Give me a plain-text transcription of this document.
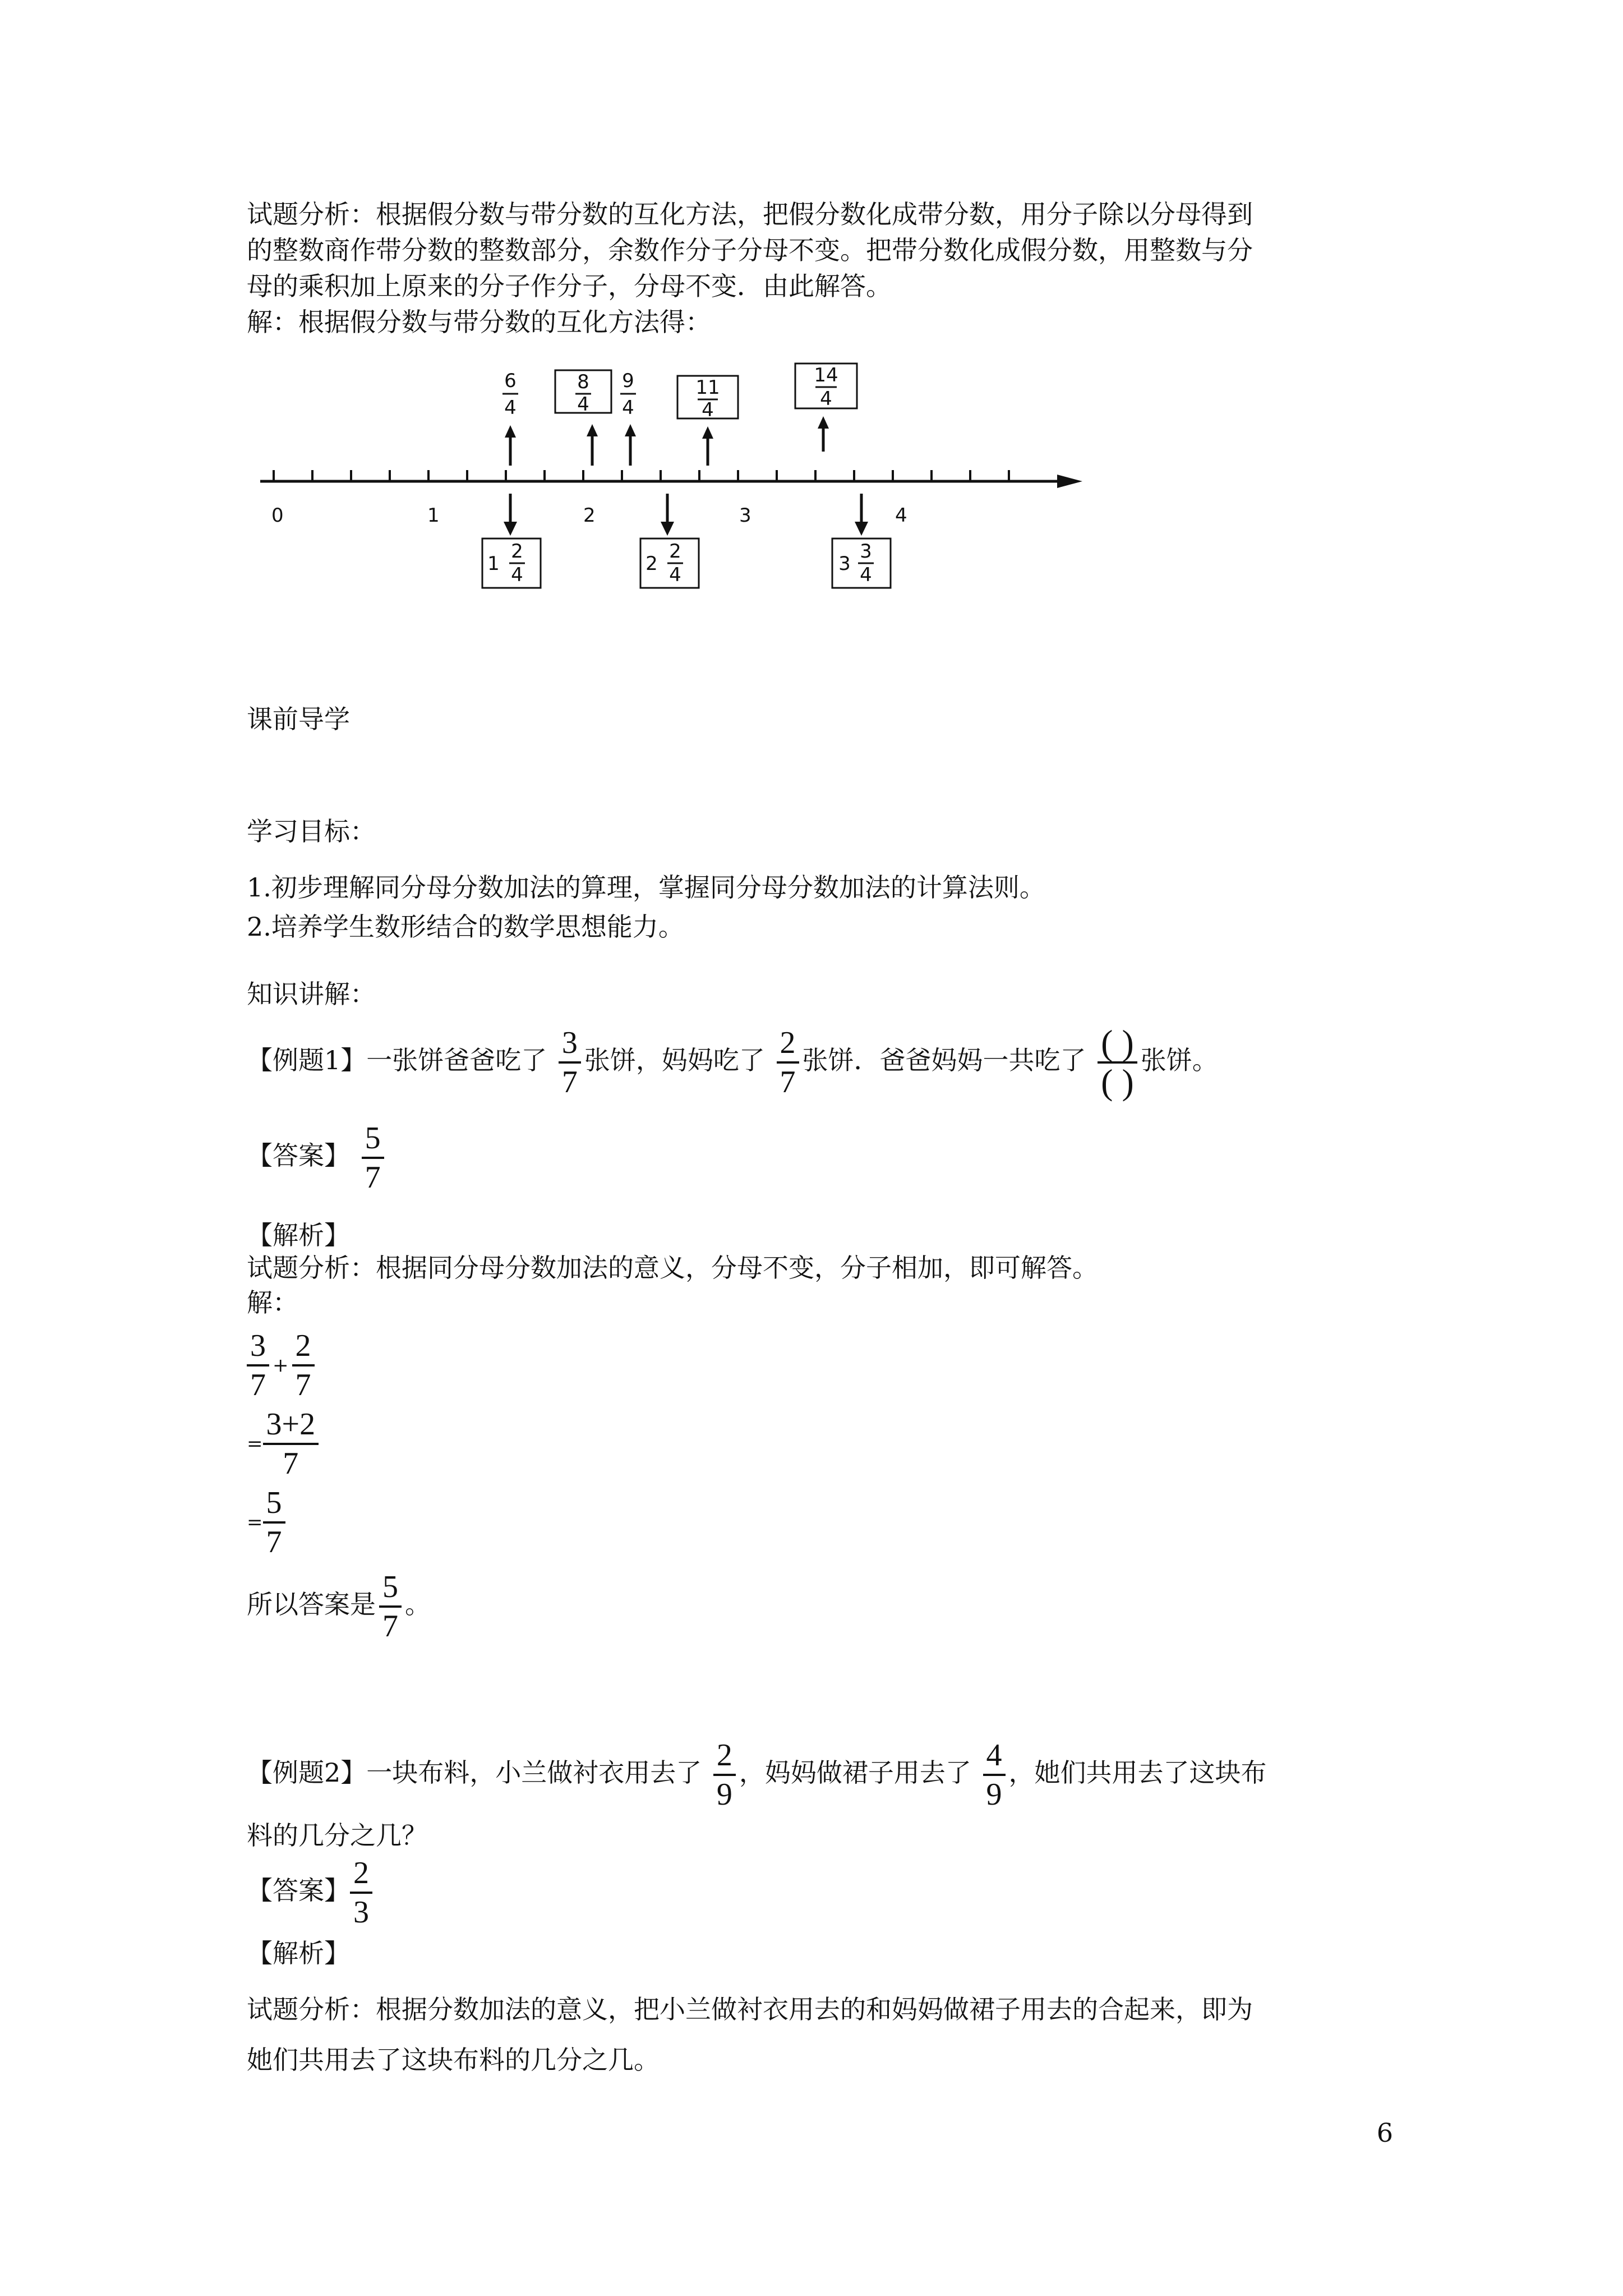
试题分析：根据假分数与带分数的互化方法，把假分数化成带分数，用分子除以分母得到
的整数商作带分数的整数部分，余数作分子分母不变。把带分数化成假分数，用整数与分
母的乘积加上原来的分子作分子，分母不变．由此解答。
解：根据假分数与带分数的互化方法得：
0	1	2	3	4
6
4
8
4
9
4
11
4
14
4
1
2
4	2
2
4	3
3
4
课前导学
学习目标：
1.初步理解同分母分数加法的算理，掌握同分母分数加法的计算法则。
2.培养学生数形结合的数学思想能力。
知识讲解：
【例题1】一张饼爸爸吃了 $\frac{3}{7}$ 张饼，妈妈吃了 $\frac{2}{7}$ 张饼．爸爸妈妈一共吃了 $\frac{( )}{( )}$ 张饼。
【答案】 $\frac{5}{7}$
【解析】
试题分析：根据同分母分数加法的意义，分母不变，分子相加，即可解答。
解：
$\frac{3}{7} + \frac{2}{7}$
= $\frac{3+2}{7}$
= $\frac{5}{7}$
所以答案是 $\frac{5}{7}$ 。
【例题2】一块布料，小兰做衬衣用去了 $\frac{2}{9}$ ，妈妈做裙子用去了 $\frac{4}{9}$ ，她们共用去了这块布
料的几分之几？
【答案】 $\frac{2}{3}$
【解析】
试题分析：根据分数加法的意义，把小兰做衬衣用去的和妈妈做裙子用去的合起来，即为
她们共用去了这块布料的几分之几。
6
